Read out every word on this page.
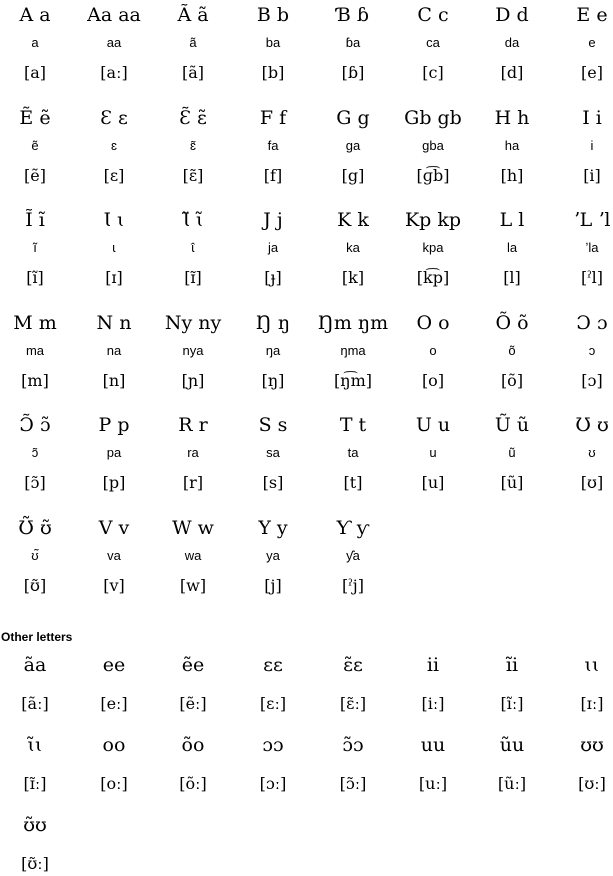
A a
a
[a]
Aa aa
aa
[aː]
Ã ã
ã
[ã]
B b
ba
[b]
Ɓ ɓ
ɓa
[ɓ]
C c
ca
[c]
D d
da
[d]
E e
e
[e]
Ẽ ẽ
ẽ
[ẽ]
Ɛ ɛ
ɛ
[ɛ]
Ɛ̃ ɛ̃
ɛ̃
[ɛ̃]
F f
fa
[f]
G g
ga
[g]
Gb gb
gba
[ɡ͡b]
H h
ha
[h]
I i
i
[i]
Ĩ ĩ
ĩ
[ĩ]
Ɩ ɩ
ɩ
[ɪ]
Ɩ̃ ɩ̃
ɩ̂
[ɪ̃]
J j
ja
[ɟ]
K k
ka
[k]
Kp kp
kpa
[k͡p]
L l
la
[l]
ʼL ʼl
ʼla
[ˀl]
M m
ma
[m]
N n
na
[n]
Ny ny
nya
[ɲ]
Ŋ ŋ
ŋa
[ŋ]
Ŋm ŋm
ŋma
[ŋ͡m]
O o
o
[o]
Õ õ
õ
[õ]
Ɔ ɔ
ɔ
[ɔ]
Ɔ̃ ɔ̃
ɔ̃
[ɔ̃]
P p
pa
[p]
R r
ra
[r]
S s
sa
[s]
T t
ta
[t]
U u
u
[u]
Ũ ũ
ũ
[ũ]
Ʊ ʊ
ʊ
[ʊ]
Ʊ̃ ʊ̃
ʊ̃
[ʊ̃]
V v
va
[v]
W w
wa
[w]
Y y
ya
[j]
Ƴ ƴ
ƴa
[ˀj]
Other letters
ãa
[ãː]
ee
[eː]
ẽe
[ẽː]
ɛɛ
[ɛː]
ɛ̃ɛ
[ɛ̃ː]
ii
[iː]
ĩi
[ĩː]
ɩɩ
[ɪː]
ɩ̃ɩ
[ɪ̃ː]
oo
[oː]
õo
[õː]
ɔɔ
[ɔː]
ɔ̃ɔ
[ɔ̃ː]
uu
[uː]
ũu
[ũː]
ʊʊ
[ʊː]
ʊ̃ʊ
[ʊ̃ː]
